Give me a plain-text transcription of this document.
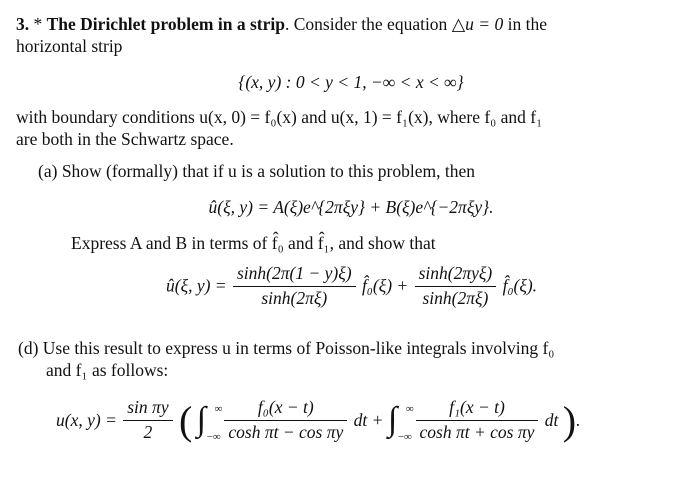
3. * The Dirichlet problem in a strip. Consider the equation △u = 0 in the
horizontal strip

{(x, y) : 0 < y < 1, −∞ < x < ∞}

with boundary conditions u(x, 0) = f₀(x) and u(x, 1) = f₁(x), where f₀ and f₁
are both in the Schwartz space.

(a) Show (formally) that if u is a solution to this problem, then

û(ξ, y) = A(ξ)e^{2πξy} + B(ξ)e^{−2πξy}.

Express A and B in terms of f̂₀ and f̂₁, and show that

û(ξ, $y) = \frac{\sinh(2\pi(1 - y)\xi)}{\sinh(2\pi\xi)}$ f̂₀(ξ) + $\frac{\text{sinh(2πyξ)}}{\sinh(2\pi\xi)}$ f̂₀(ξ).
(d) Use this result to express u in terms of Poisson-like integrals involving f₀
and f₁ as follows:
u(x, $y) = \frac{\text{sin πy}}{2}$ ( ∫ ∞
−∞
$\frac{\text{f₀(x − t)}}{\text{cosh πt − cos πy}}$ dt + ∫ ∞
−∞
$\frac{\text{f₁(x − t)}}{\text{cosh πt + cos πy}}$ dt ).
